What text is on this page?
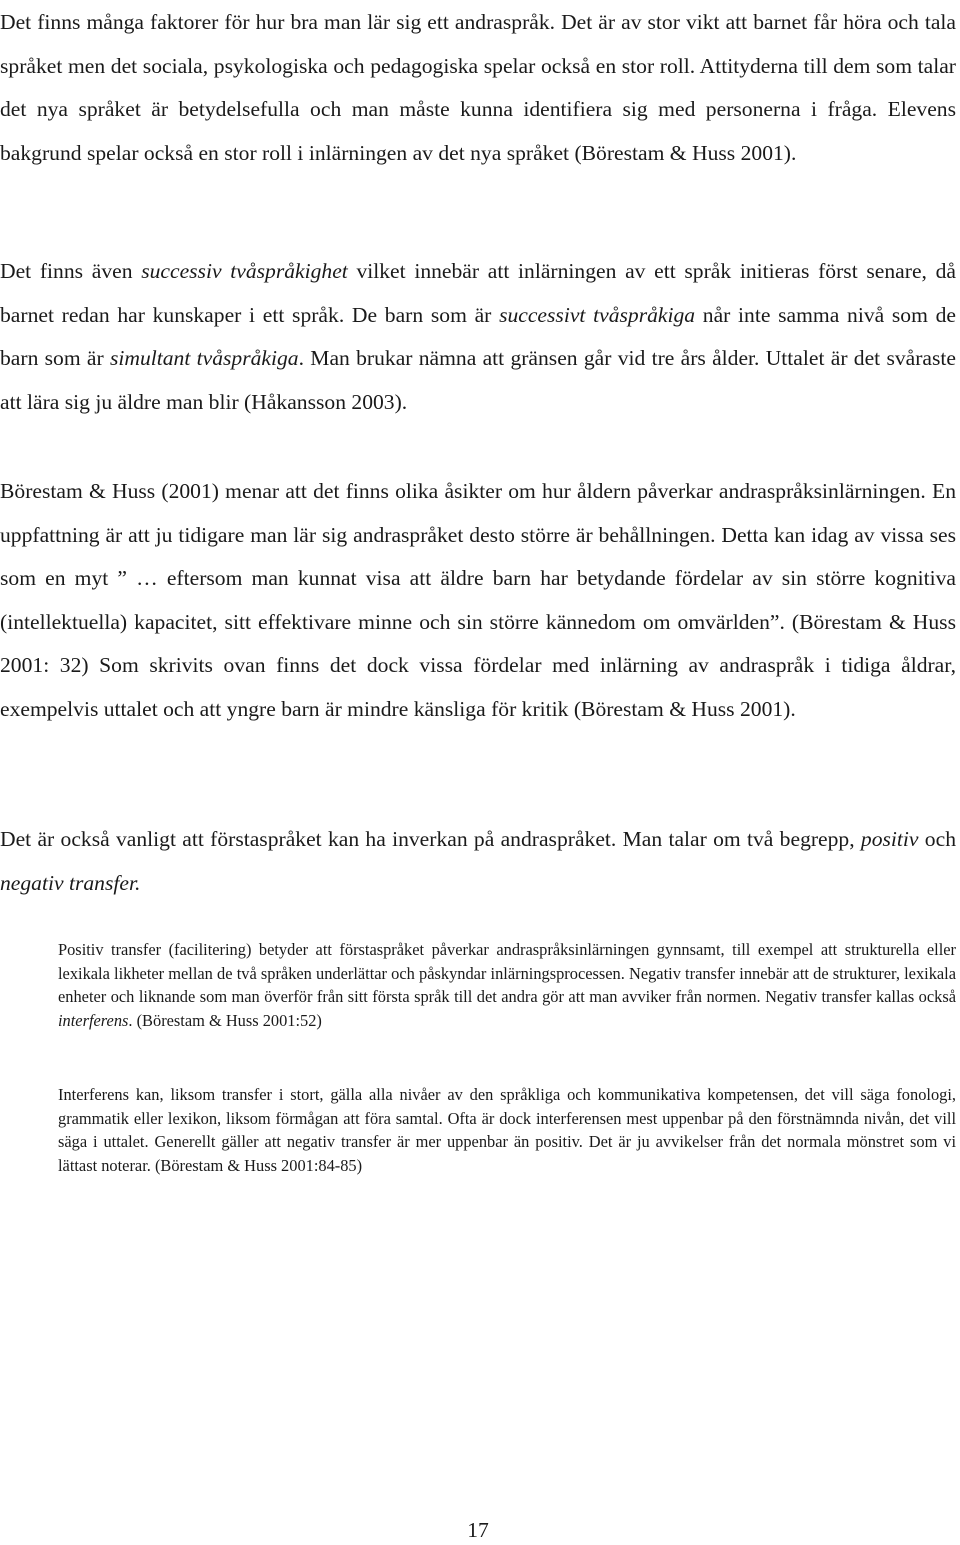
Det finns många faktorer för hur bra man lär sig ett andraspråk. Det är av stor vikt att barnet får höra och tala språket men det sociala, psykologiska och pedagogiska spelar också en stor roll. Attityderna till dem som talar det nya språket är betydelsefulla och man måste kunna identifiera sig med personerna i fråga. Elevens bakgrund spelar också en stor roll i inlärningen av det nya språket (Börestam & Huss 2001).

Det finns även successiv tvåspråkighet vilket innebär att inlärningen av ett språk initieras först senare, då barnet redan har kunskaper i ett språk. De barn som är successivt tvåspråkiga når inte samma nivå som de barn som är simultant tvåspråkiga. Man brukar nämna att gränsen går vid tre års ålder. Uttalet är det svåraste att lära sig ju äldre man blir (Håkansson 2003).

Börestam & Huss (2001) menar att det finns olika åsikter om hur åldern påverkar andraspråksinlärningen. En uppfattning är att ju tidigare man lär sig andraspråket desto större är behållningen. Detta kan idag av vissa ses som en myt ” … eftersom man kunnat visa att äldre barn har betydande fördelar av sin större kognitiva (intellektuella) kapacitet, sitt effektivare minne och sin större kännedom om omvärlden”. (Börestam & Huss 2001: 32) Som skrivits ovan finns det dock vissa fördelar med inlärning av andraspråk i tidiga åldrar, exempelvis uttalet och att yngre barn är mindre känsliga för kritik (Börestam & Huss 2001).

Det är också vanligt att förstaspråket kan ha inverkan på andraspråket. Man talar om två begrepp, positiv och negativ transfer.

Positiv transfer (facilitering) betyder att förstaspråket påverkar andraspråksinlärningen gynnsamt, till exempel att strukturella eller lexikala likheter mellan de två språken underlättar och påskyndar inlärningsprocessen. Negativ transfer innebär att de strukturer, lexikala enheter och liknande som man överför från sitt första språk till det andra gör att man avviker från normen. Negativ transfer kallas också interferens. (Börestam & Huss 2001:52)

Interferens kan, liksom transfer i stort, gälla alla nivåer av den språkliga och kommunikativa kompetensen, det vill säga fonologi, grammatik eller lexikon, liksom förmågan att föra samtal. Ofta är dock interferensen mest uppenbar på den förstnämnda nivån, det vill säga i uttalet. Generellt gäller att negativ transfer är mer uppenbar än positiv. Det är ju avvikelser från det normala mönstret som vi lättast noterar. (Börestam & Huss 2001:84-85)

17
